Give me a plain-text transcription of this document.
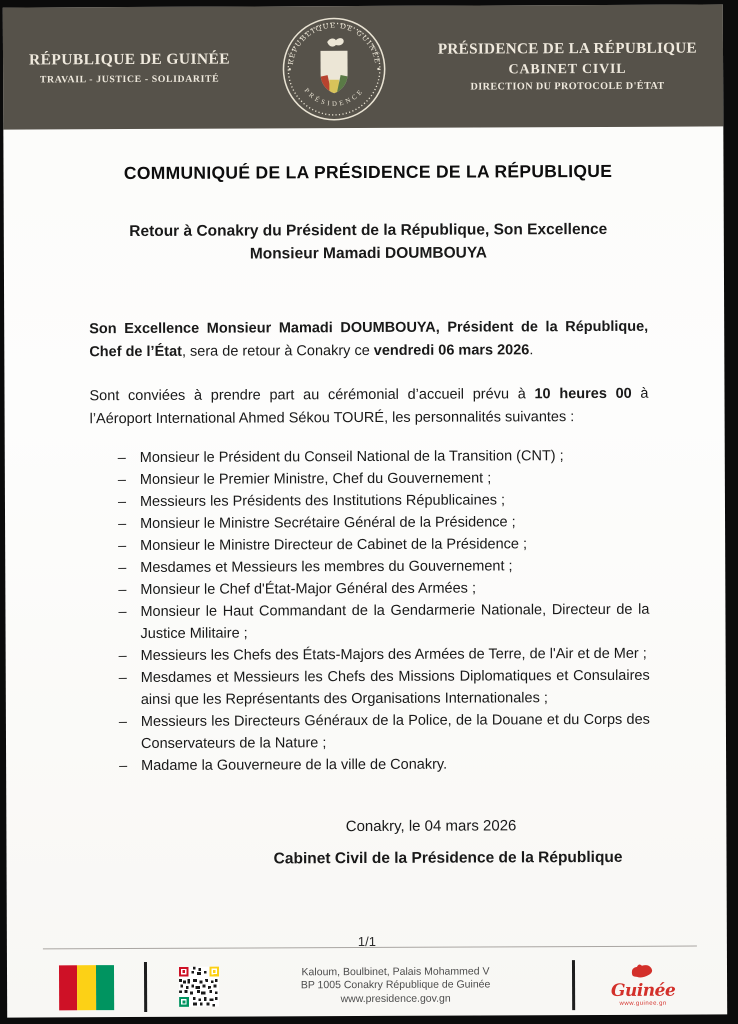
RÉPUBLIQUE DE GUINÉE
TRAVAIL - JUSTICE - SOLIDARITÉ
RÉPUBLIQUE DE GUINÉE
PRÉSIDENCE
PRÉSIDENCE DE LA RÉPUBLIQUE
CABINET CIVIL
DIRECTION DU PROTOCOLE D'ÉTAT
COMMUNIQUÉ DE LA PRÉSIDENCE DE LA RÉPUBLIQUE
Retour à Conakry du Président de la République, Son Excellence Monsieur Mamadi DOUMBOUYA
Son Excellence Monsieur Mamadi DOUMBOUYA, Président de la République, Chef de l’État, sera de retour à Conakry ce vendredi 06 mars 2026.
Sont conviées à prendre part au cérémonial d’accueil prévu à 10 heures 00 à l’Aéroport International Ahmed Sékou TOURÉ, les personnalités suivantes :
– Monsieur le Président du Conseil National de la Transition (CNT) ;
– Monsieur le Premier Ministre, Chef du Gouvernement ;
– Messieurs les Présidents des Institutions Républicaines ;
– Monsieur le Ministre Secrétaire Général de la Présidence ;
– Monsieur le Ministre Directeur de Cabinet de la Présidence ;
– Mesdames et Messieurs les membres du Gouvernement ;
– Monsieur le Chef d'État-Major Général des Armées ;
– Monsieur le Haut Commandant de la Gendarmerie Nationale, Directeur de la Justice Militaire ;
– Messieurs les Chefs des États-Majors des Armées de Terre, de l'Air et de Mer ;
– Mesdames et Messieurs les Chefs des Missions Diplomatiques et Consulaires ainsi que les Représentants des Organisations Internationales ;
– Messieurs les Directeurs Généraux de la Police, de la Douane et du Corps des Conservateurs de la Nature ;
– Madame la Gouverneure de la ville de Conakry.
Conakry, le 04 mars 2026
Cabinet Civil de la Présidence de la République
1/1
Kaloum, Boulbinet, Palais Mohammed V
BP 1005 Conakry République de Guinée
www.presidence.gov.gn	Guinée
www.guinee.gn
